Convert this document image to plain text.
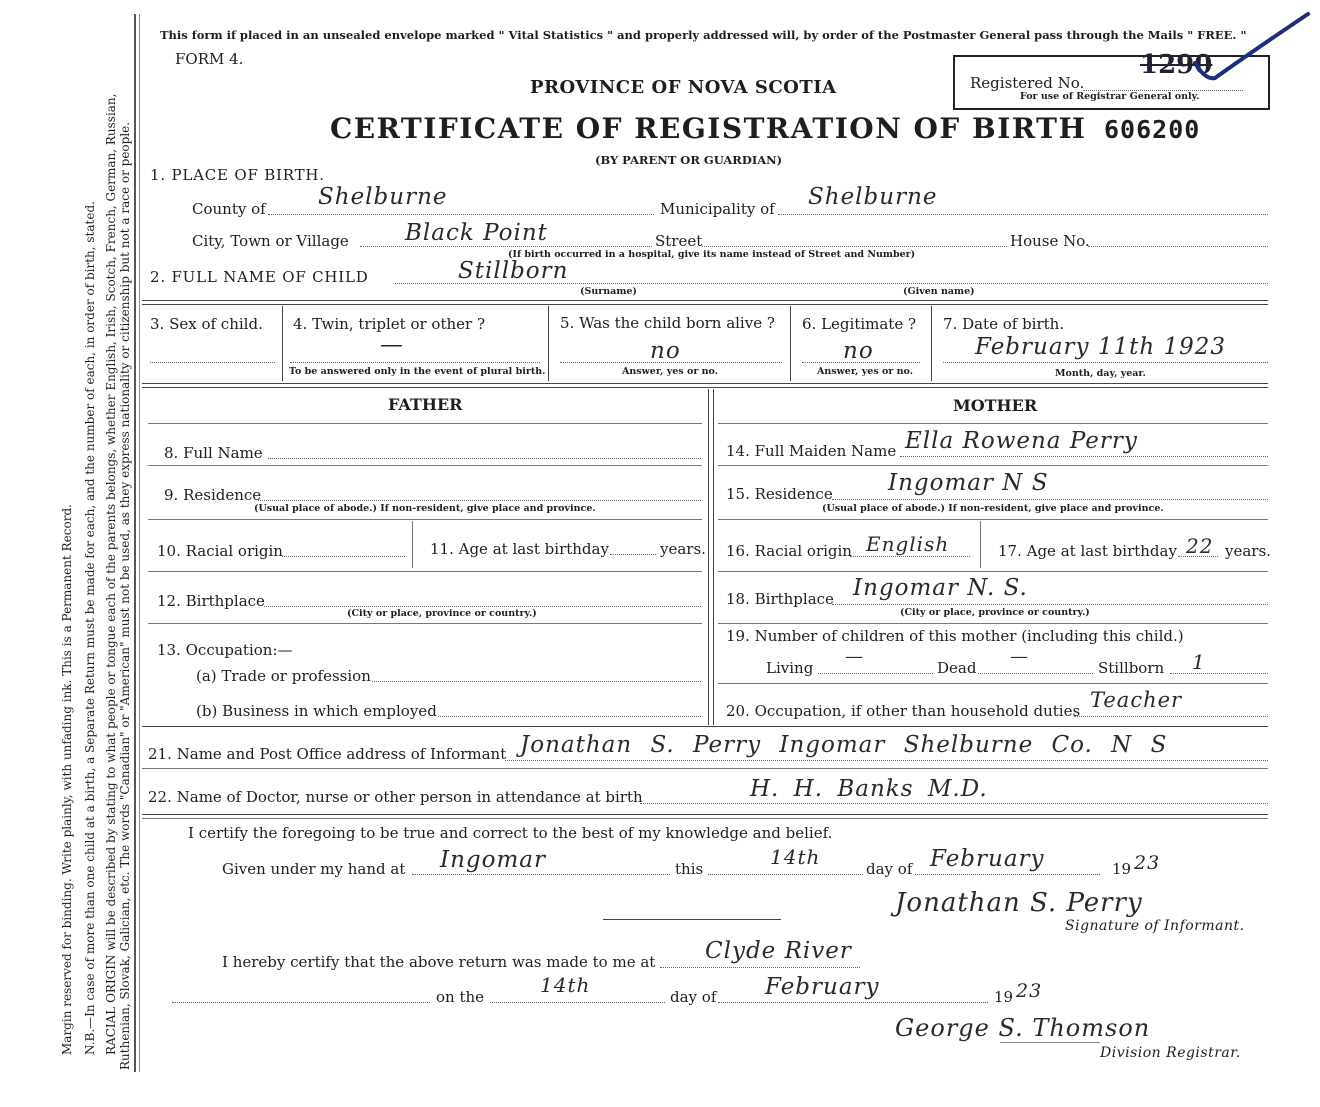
Margin reserved for binding. Write plainly, with unfading ink. This is a Permanent Record. N.B.—In case of more than one child at a birth, a Separate Return must be made for each, and the number of each, in order of birth, stated. RACIAL ORIGIN will be described by stating to what people or tongue each of the parents belongs, whether English, Irish, Scotch, French, German, Russian, Ruthenian, Slovak, Galician, etc. The words "Canadian" or "American" must not be used, as they express nationality or citizenship but not a race or people.
This form if placed in an unsealed envelope marked " Vital Statistics " and properly addressed will, by order of the Postmaster General pass through the Mails " FREE. "
FORM 4.
PROVINCE OF NOVA SCOTIA
CERTIFICATE OF REGISTRATION OF BIRTH 606200
(BY PARENT OR GUARDIAN)
Registered No.
For use of Registrar General only.
1290
1. PLACE OF BIRTH.
County of Shelburne	Municipality of Shelburne
City, Town or Village Black Point	Street	House No.
(If birth occurred in a hospital, give its name instead of Street and Number)
2. FULL NAME OF CHILD	Stillborn
(Surname)	(Given name)
3. Sex of child. 4. Twin, triplet or other ?
—
To be answered only in the event of plural birth.
5. Was the child born alive ?
no
Answer, yes or no.
6. Legitimate ?
no
Answer, yes or no.
7. Date of birth.
February 11th 1923
Month, day, year.
FATHER
8. Full Name
9. Residence
(Usual place of abode.) If non-resident, give place and province.
10. Racial origin	11. Age at last birthday	years.
12. Birthplace
(City or place, province or country.)
13. Occupation:—
(a) Trade or profession
(b) Business in which employed
MOTHER
14. Full Maiden Name Ella Rowena Perry
15. Residence Ingomar N S
(Usual place of abode.) If non-resident, give place and province.
16. Racial origin English	17. Age at last birthday 22 years.
18. Birthplace Ingomar N. S.
(City or place, province or country.)
19. Number of children of this mother (including this child.)
Living
—
Dead
—
Stillborn 1
20. Occupation, if other than household duties Teacher
21. Name and Post Office address of Informant Jonathan S. Perry Ingomar Shelburne Co. N S
22. Name of Doctor, nurse or other person in attendance at birth	H. H. Banks M.D.
I certify the foregoing to be true and correct to the best of my knowledge and belief.
Given under my hand at Ingomar	this	14th	day of February	19 23
Jonathan S. Perry
Signature of Informant.
I hereby certify that the above return was made to me at Clyde River
on the	14th	day of February	19 23
George S. Thomson
Division Registrar.
